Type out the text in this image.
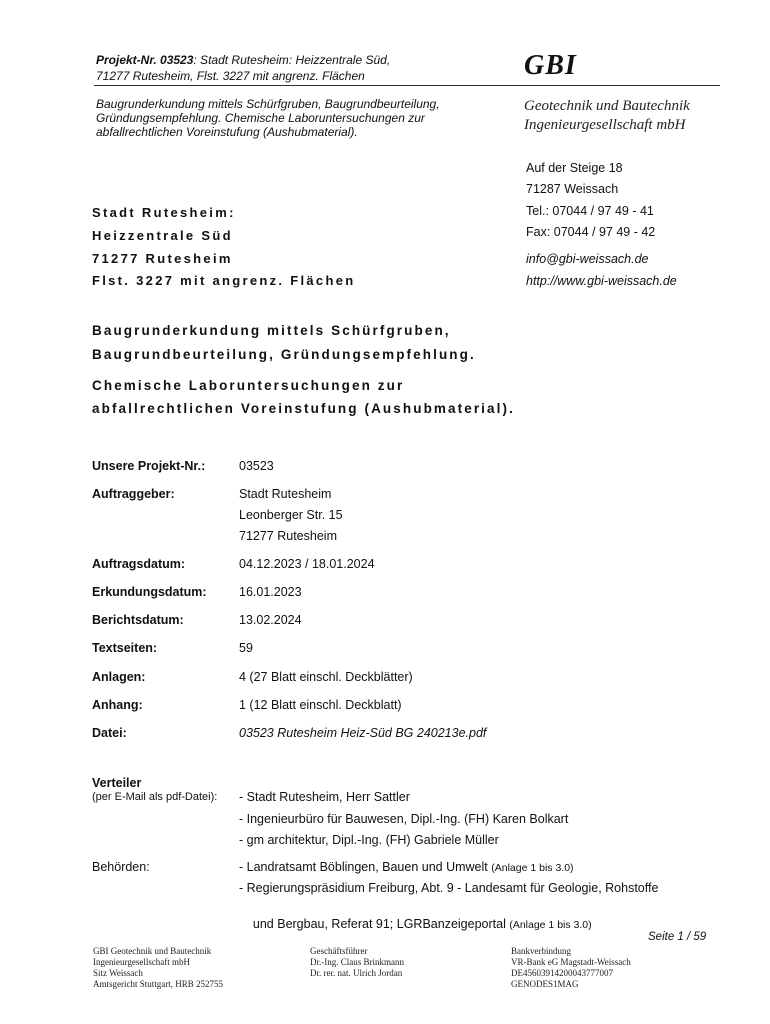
Projekt-Nr. 03523: Stadt Rutesheim: Heizzentrale Süd,
71277 Rutesheim, Flst. 3227 mit angrenz. Flächen	GBI
Baugrunderkundung mittels Schürfgruben, Baugrundbeurteilung,
Gründungsempfehlung. Chemische Laboruntersuchungen zur
abfallrechtlichen Voreinstufung (Aushubmaterial).
Geotechnik und Bautechnik
Ingenieurgesellschaft mbH
Auf der Steige 18
71287 Weissach
Tel.: 07044 / 97 49 - 41
Fax: 07044 / 97 49 - 42
info@gbi-weissach.de
http://www.gbi-weissach.de
Stadt Rutesheim:
Heizzentrale Süd
71277 Rutesheim
Flst. 3227 mit angrenz. Flächen
Baugrunderkundung mittels Schürfgruben,
Baugrundbeurteilung, Gründungsempfehlung.
Chemische Laboruntersuchungen zur
abfallrechtlichen Voreinstufung (Aushubmaterial).
Unsere Projekt-Nr.:	03523
Auftraggeber:	Stadt Rutesheim
Leonberger Str. 15
71277 Rutesheim
Auftragsdatum:	04.12.2023 / 18.01.2024
Erkundungsdatum:	16.01.2023
Berichtsdatum:	13.02.2024
Textseiten:	59
Anlagen:	4 (27 Blatt einschl. Deckblätter)
Anhang:	1 (12 Blatt einschl. Deckblatt)
Datei:	03523 Rutesheim Heiz-Süd BG 240213e.pdf
Verteiler
(per E-Mail als pdf-Datei): - Stadt Rutesheim, Herr Sattler
- Ingenieurbüro für Bauwesen, Dipl.-Ing. (FH) Karen Bolkart
- gm architektur, Dipl.-Ing. (FH) Gabriele Müller
Behörden:	- Landratsamt Böblingen, Bauen und Umwelt (Anlage 1 bis 3.0)
- Regierungspräsidium Freiburg, Abt. 9 - Landesamt für Geologie, Rohstoffe

und Bergbau, Referat 91; LGRBanzeigeportal (Anlage 1 bis 3.0)

Seite 1 / 59
GBI Geotechnik und Bautechnik
Ingenieurgesellschaft mbH
Sitz Weissach
Amtsgericht Stuttgart, HRB 252755
Geschäftsführer
Dr.-Ing. Claus Brinkmann
Dr. rer. nat. Ulrich Jordan
Bankverbindung
VR-Bank eG Magstadt-Weissach
DE45603914200043777007
GENODES1MAG
